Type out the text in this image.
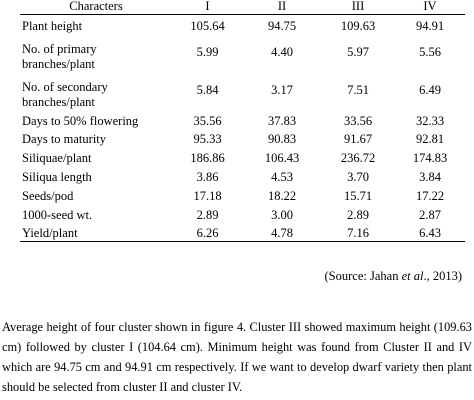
Characters	I	II	III	IV

Plant height	105.64	94.75	109.63	94.91

No. of primary
branches/plant	5.99	4.40	5.97	5.56

No. of secondary
branches/plant	5.84	3.17	7.51	6.49

Days to 50% flowering	35.56	37.83	33.56	32.33

Days to maturity	95.33	90.83	91.67	92.81

Siliquae/plant	186.86	106.43	236.72	174.83

Siliqua length	3.86	4.53	3.70	3.84

Seeds/pod	17.18	18.22	15.71	17.22

1000-seed wt.	2.89	3.00	2.89	2.87

Yield/plant	6.26	4.78	7.16	6.43
(Source: Jahan et al., 2013)

Average height of four cluster shown in figure 4. Cluster III showed maximum height (109.63 cm) followed by cluster I (104.64 cm). Minimum height was found from Cluster II and IV which are 94.75 cm and 94.91 cm respectively. If we want to develop dwarf variety then plant should be selected from cluster II and cluster IV.
